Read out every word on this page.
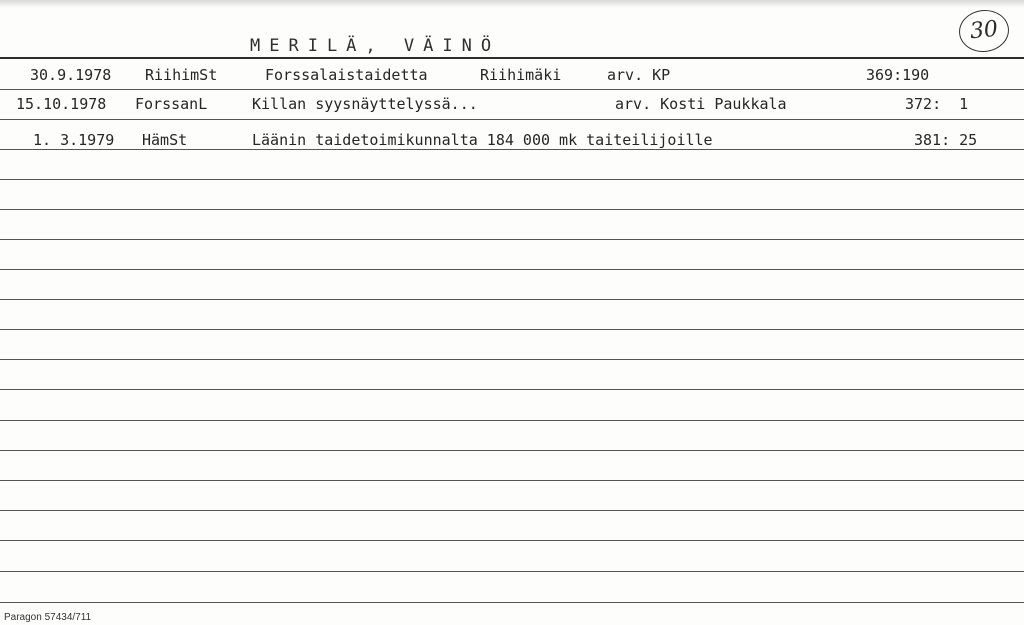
MERILÄ, VÄINÖ
30
30.9.1978 RiihimSt	Forssalaistaidetta	Riihimäki	arv. KP	369:190
15.10.1978 ForssanL	Killan syysnäyttelyssä...	arv. Kosti Paukkala	372:  1
1. 3.1979 HämSt	Läänin taidetoimikunnalta 184 000 mk taiteilijoille	381: 25
Paragon 57434/711
